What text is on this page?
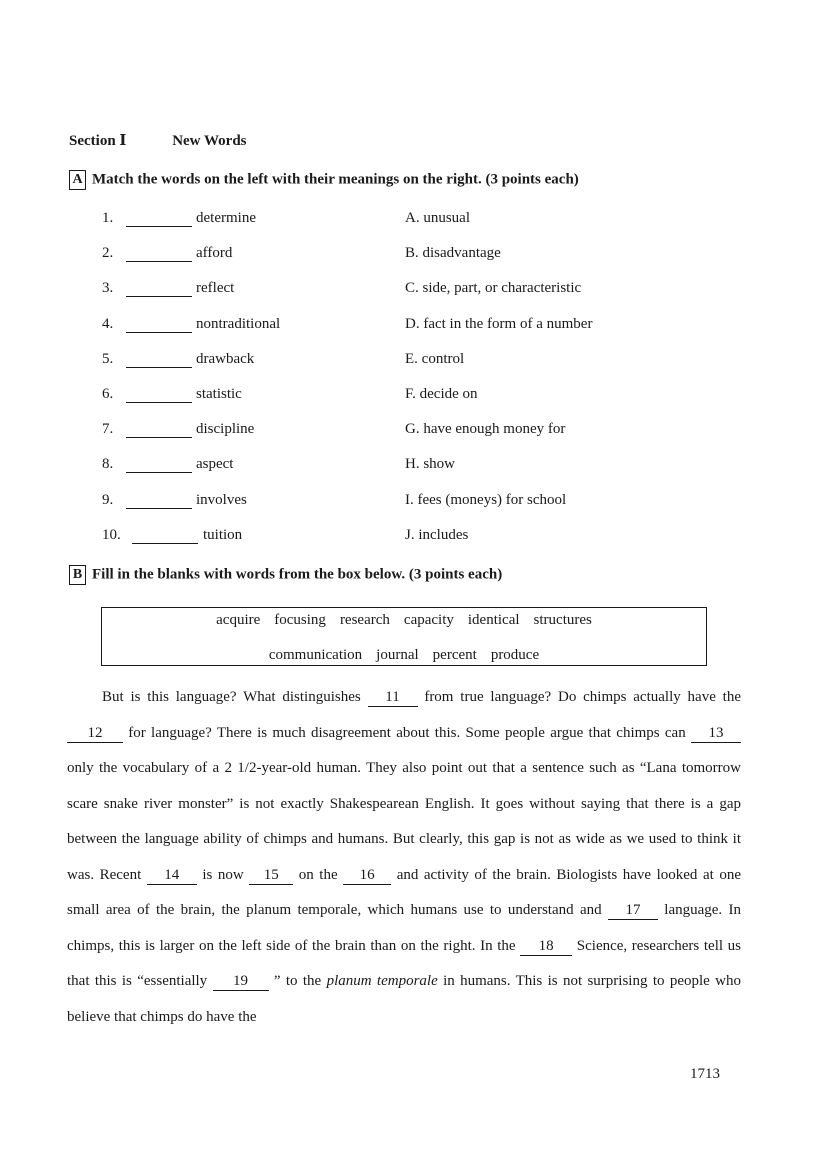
Section Ⅰ	New Words
A Match the words on the left with their meanings on the right. (3 points each)
1.	determine	A. unusual
2.	afford	B. disadvantage
3.	reflect	C. side, part, or characteristic
4.	nontraditional	D. fact in the form of a number
5.	drawback	E. control
6.	statistic	F. decide on
7.	discipline	G. have enough money for
8.	aspect	H. show
9.	involves	I. fees (moneys) for school
10.	tuition	J. includes
B Fill in the blanks with words from the box below. (3 points each)
acquire focusing research capacity identical structures
communication journal percent produce

But is this language? What distinguishes 11 from true language? Do chimps actually have the 12 for language? There is much disagreement about this. Some people argue that chimps can 13 only the vocabulary of a 2 1/2-year-old human. They also point out that a sentence such as “Lana tomorrow scare snake river monster” is not exactly Shakespearean English. It goes without saying that there is a gap between the language ability of chimps and humans. But clearly, this gap is not as wide as we used to think it was. Recent 14 is now 15 on the 16 and activity of the brain. Biologists have looked at one small area of the brain, the planum temporale, which humans use to understand and 17 language. In chimps, this is larger on the left side of the brain than on the right. In the 18 Science, researchers tell us that this is “essentially 19 ” to the planum temporale in humans. This is not surprising to people who believe that chimps do have the

1713
